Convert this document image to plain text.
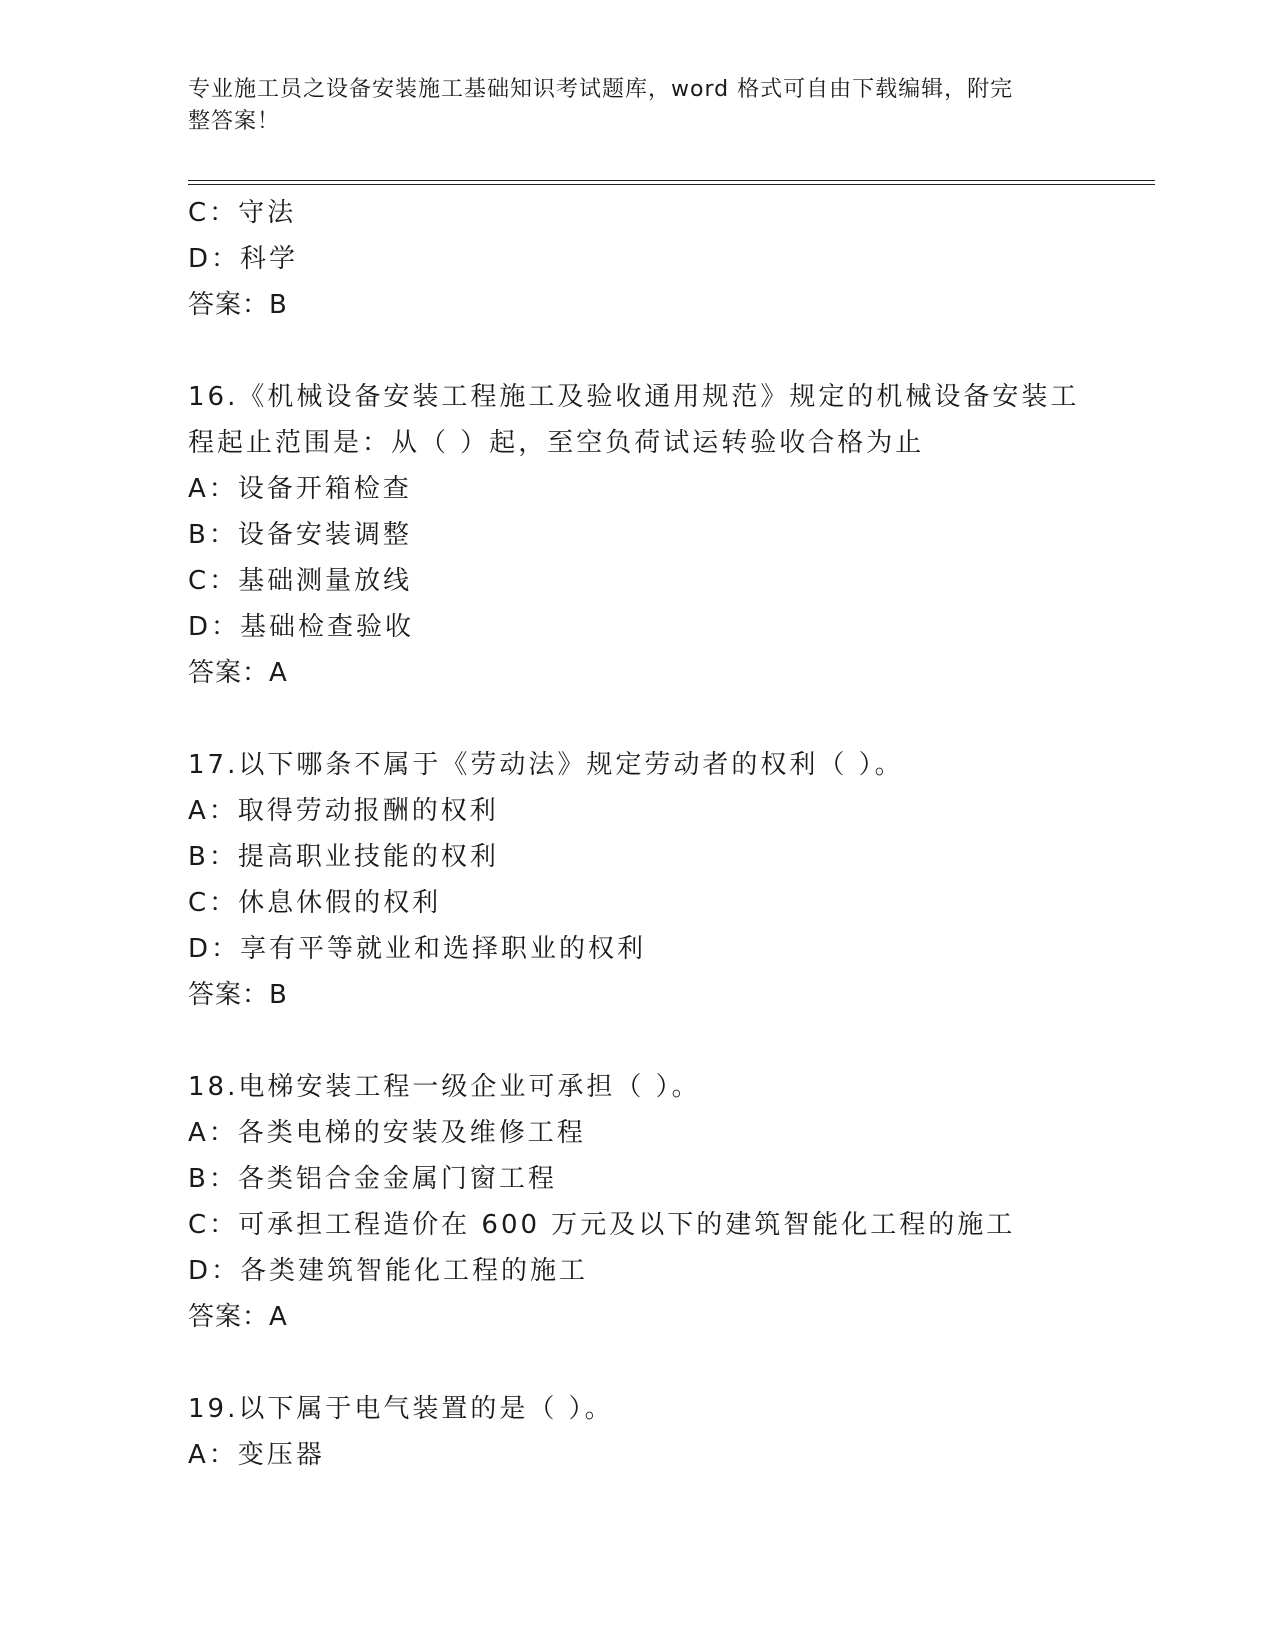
专业施工员之设备安装施工基础知识考试题库，word 格式可自由下载编辑，附完
整答案！
C：守法
D：科学
答案：B
16.《机械设备安装工程施工及验收通用规范》规定的机械设备安装工
程起止范围是：从（ ）起，至空负荷试运转验收合格为止
A：设备开箱检查
B：设备安装调整
C：基础测量放线
D：基础检查验收
答案：A
17.以下哪条不属于《劳动法》规定劳动者的权利（ ）。
A：取得劳动报酬的权利
B：提高职业技能的权利
C：休息休假的权利
D：享有平等就业和选择职业的权利
答案：B
18.电梯安装工程一级企业可承担（ ）。
A：各类电梯的安装及维修工程
B：各类铝合金金属门窗工程
C：可承担工程造价在 600 万元及以下的建筑智能化工程的施工
D：各类建筑智能化工程的施工
答案：A
19.以下属于电气装置的是（ ）。
A：变压器
